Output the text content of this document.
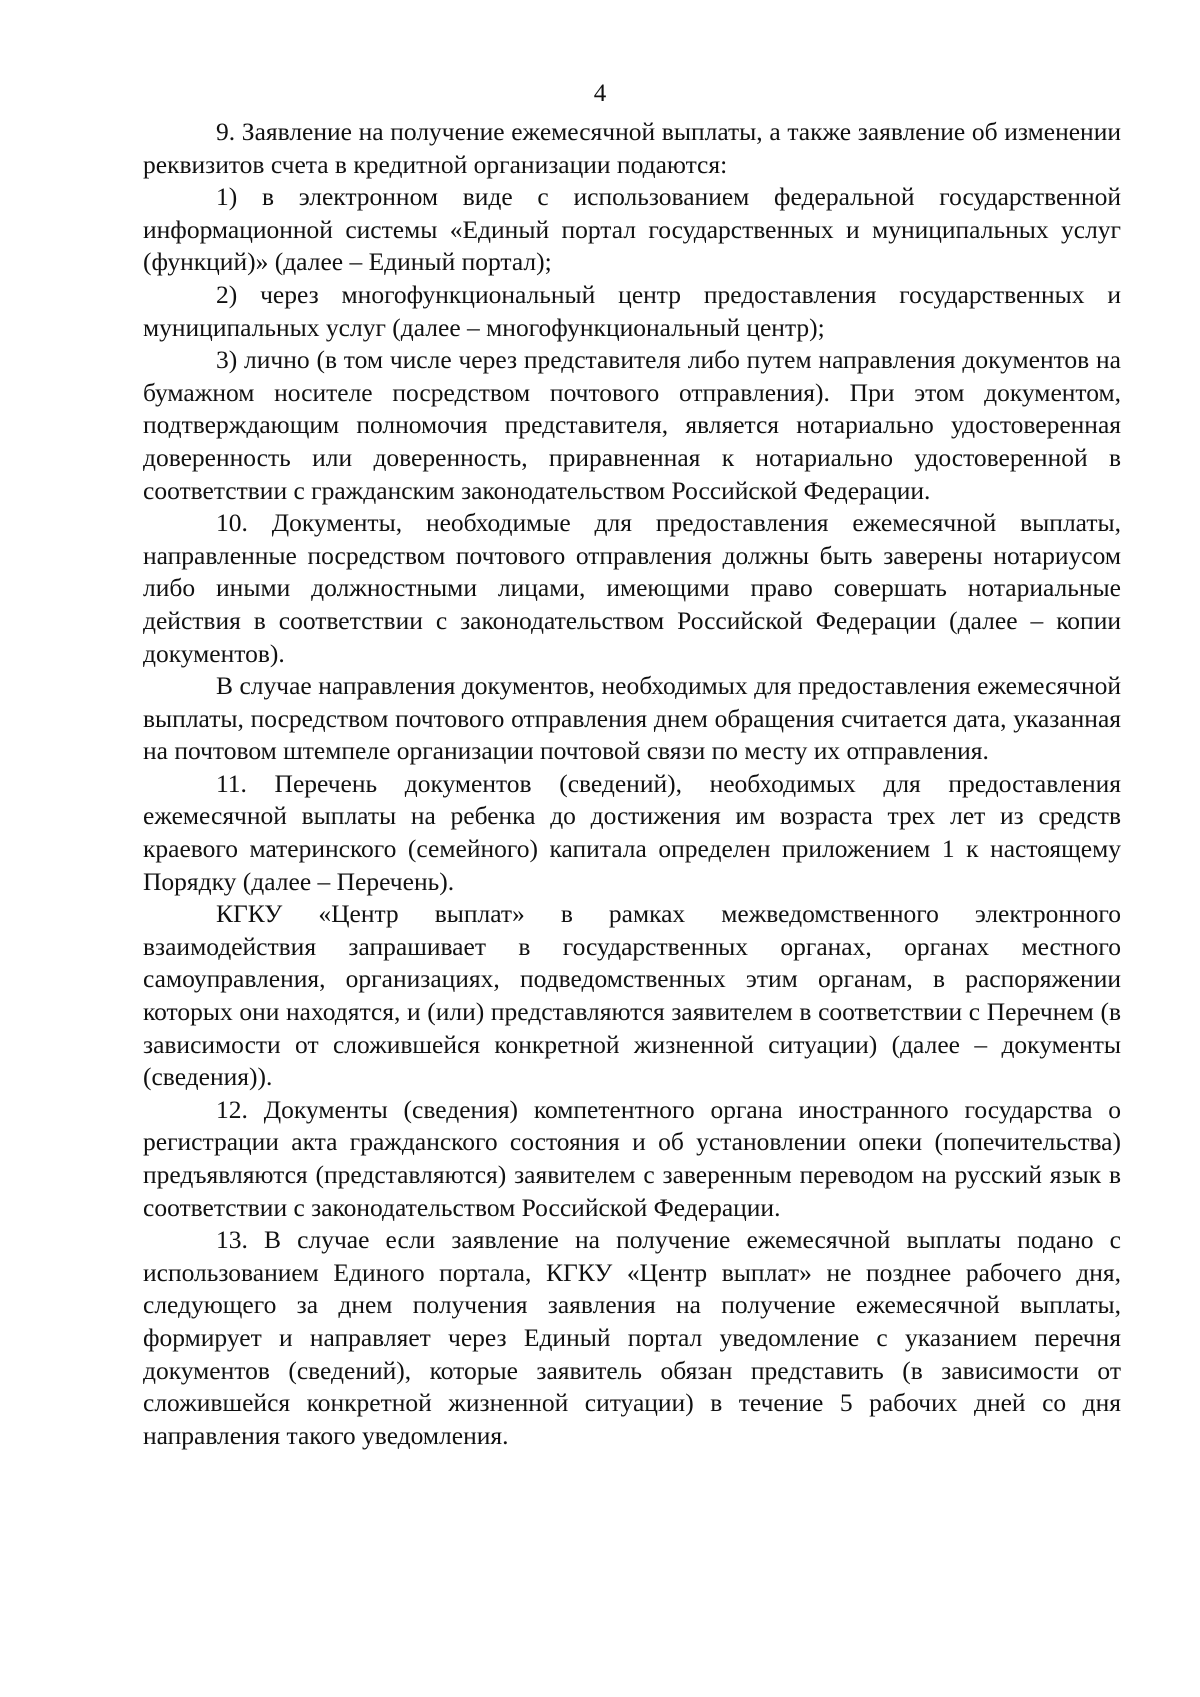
4

9. Заявление на получение ежемесячной выплаты, а также заявление об изменении реквизитов счета в кредитной организации подаются:

1) в электронном виде с использованием федеральной государственной информационной системы «Единый портал государственных и муниципальных услуг (функций)» (далее – Единый портал);

2) через многофункциональный центр предоставления государственных и муниципальных услуг (далее – многофункциональный центр);

3) лично (в том числе через представителя либо путем направления документов на бумажном носителе посредством почтового отправления). При этом документом, подтверждающим полномочия представителя, является нотариально удостоверенная доверенность или доверенность, приравненная к нотариально удостоверенной в соответствии с гражданским законодательством Российской Федерации.

10. Документы, необходимые для предоставления ежемесячной выплаты, направленные посредством почтового отправления должны быть заверены нотариусом либо иными должностными лицами, имеющими право совершать нотариальные действия в соответствии с законодательством Российской Федерации (далее – копии документов).

В случае направления документов, необходимых для предоставления ежемесячной выплаты, посредством почтового отправления днем обращения считается дата, указанная на почтовом штемпеле организации почтовой связи по месту их отправления.

11. Перечень документов (сведений), необходимых для предоставления ежемесячной выплаты на ребенка до достижения им возраста трех лет из средств краевого материнского (семейного) капитала определен приложением 1 к настоящему Порядку (далее – Перечень).

КГКУ «Центр выплат» в рамках межведомственного электронного взаимодействия запрашивает в государственных органах, органах местного самоуправления, организациях, подведомственных этим органам, в распоряжении которых они находятся, и (или) представляются заявителем в соответствии с Перечнем (в зависимости от сложившейся конкретной жизненной ситуации) (далее – документы (сведения)).

12. Документы (сведения) компетентного органа иностранного государства о регистрации акта гражданского состояния и об установлении опеки (попечительства) предъявляются (представляются) заявителем с заверенным переводом на русский язык в соответствии с законодательством Российской Федерации.

13. В случае если заявление на получение ежемесячной выплаты подано с использованием Единого портала, КГКУ «Центр выплат» не позднее рабочего дня, следующего за днем получения заявления на получение ежемесячной выплаты, формирует и направляет через Единый портал уведомление с указанием перечня документов (сведений), которые заявитель обязан представить (в зависимости от сложившейся конкретной жизненной ситуации) в течение 5 рабочих дней со дня направления такого уведомления.
